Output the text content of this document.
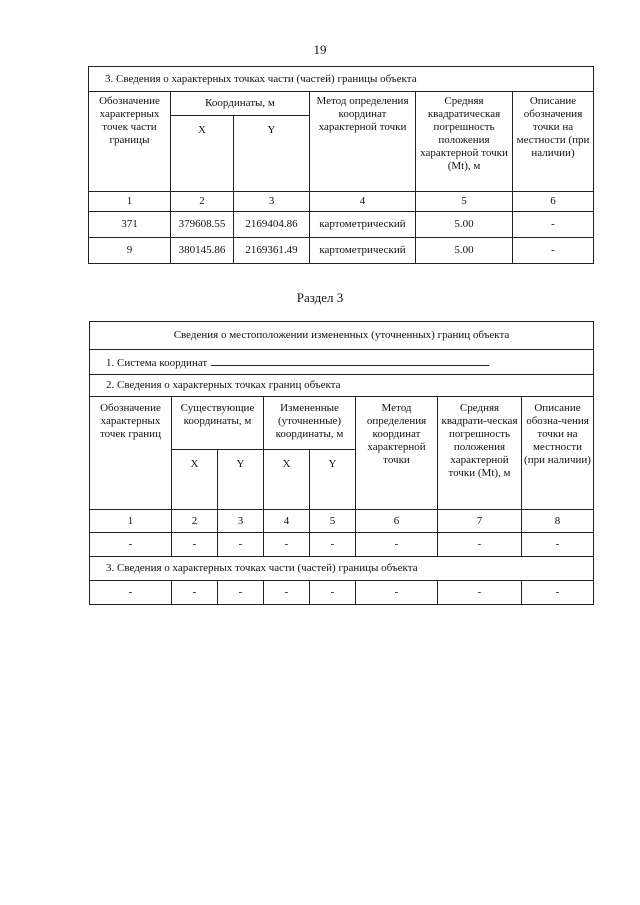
19
3. Сведения о характерных точках части (частей) границы объекта					
Обозначение характерных точек части границы	Координаты, м		Метод определения координат характерной точки	Средняя квадратическая погрешность положения характерной точки (Mt), м	Описание обозначения точки на местности (при наличии)
	X	Y			
1	2	3	4	5	6
371	379608.55	2169404.86	картометрический	5.00	-
9	380145.86	2169361.49	картометрический	5.00	-
Раздел 3
Сведения о местоположении измененных (уточненных) границ объекта							
1. Система координат							
2. Сведения о характерных точках границ объекта							
Обозначение характерных точек границ	Существующие координаты, м		Измененные (уточненные) координаты, м		Метод определения координат характерной точки	Средняя квадрати-ческая погрешность положения характерной точки (Mt), м	Описание обозна-чения точки на местности (при наличии)
	X	Y	X	Y			
1	2	3	4	5	6	7	8
-	-	-	-	-	-	-	-
3. Сведения о характерных точках части (частей) границы объекта							
-	-	-	-	-	-	-	-
